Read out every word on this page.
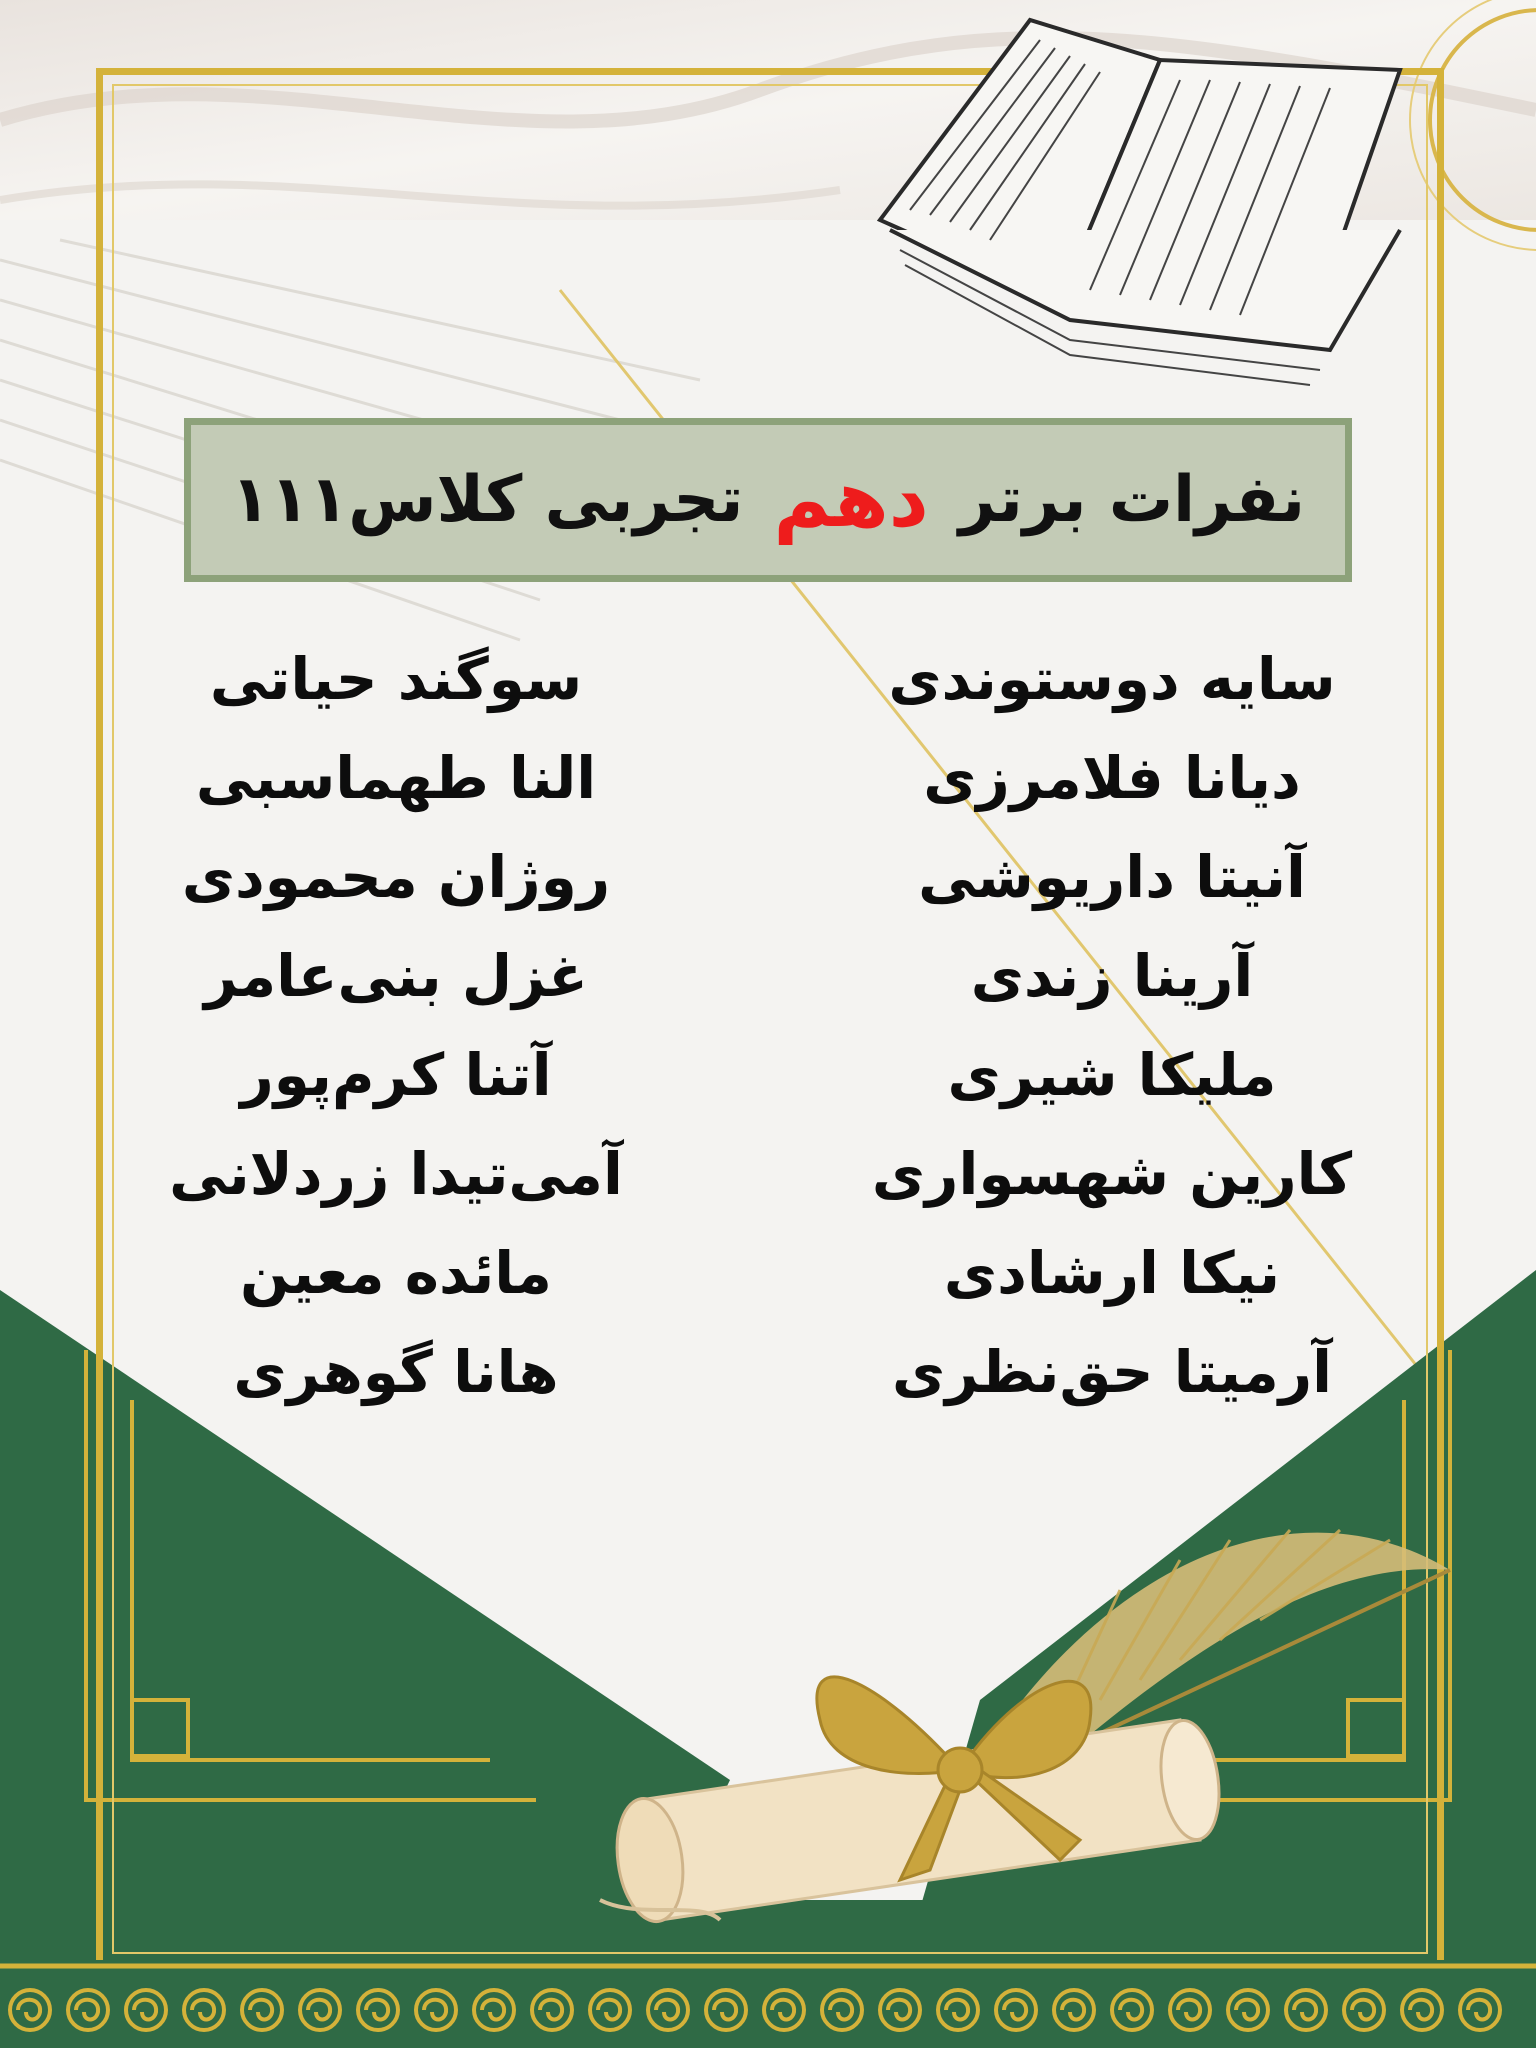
نفرات برتر
دهم
تجربی کلاس۱۱۱
سایه دوستوندی
دیانا فلامرزی
آنیتا داریوشی
آرینا زندی
ملیکا شیری
کارین شهسواری
نیکا ارشادی
آرمیتا حق‌نظری
سوگند حیاتی
النا طهماسبی
روژان محمودی
غزل بنی‌عامر
آتنا کرم‌پور
آمی‌تیدا زردلانی
مائده معین
هانا گوهری
